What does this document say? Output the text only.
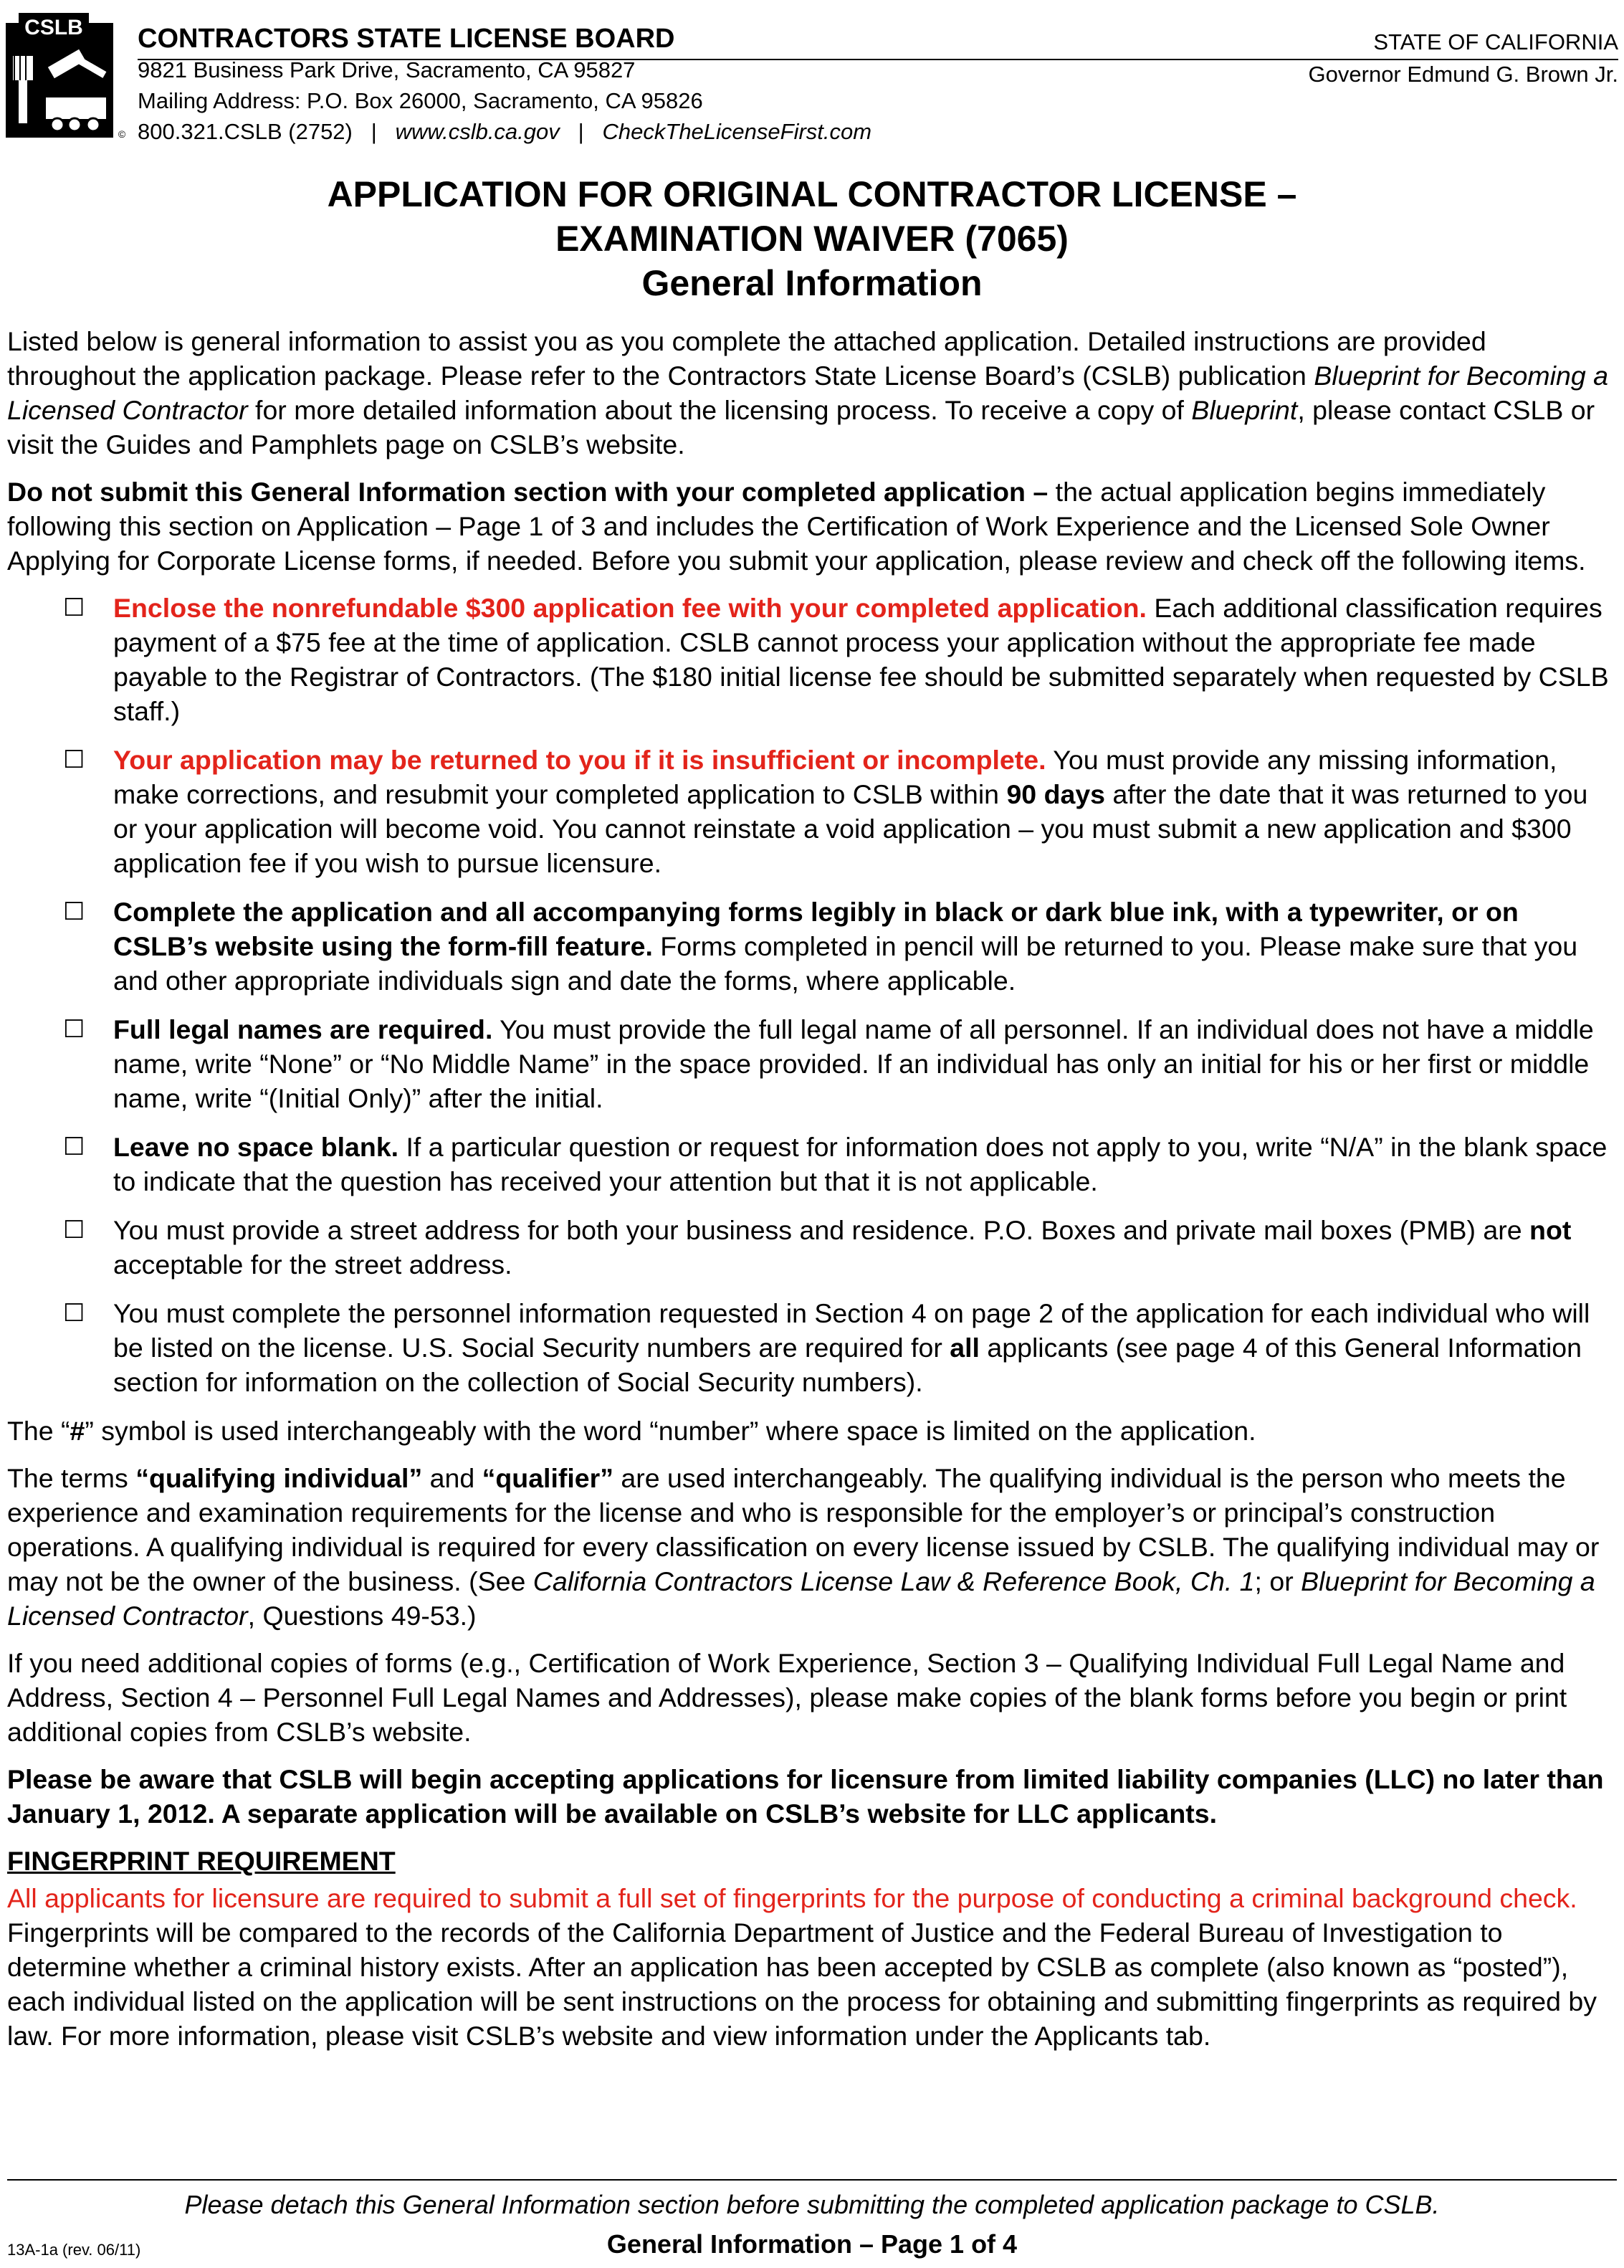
CSLB
©
CONTRACTORS STATE LICENSE BOARD
9821 Business Park Drive, Sacramento, CA 95827
Mailing Address: P.O. Box 26000, Sacramento, CA 95826
800.321.CSLB (2752) | www.cslb.ca.gov | CheckTheLicenseFirst.com
STATE OF CALIFORNIA
Governor Edmund G. Brown Jr.
APPLICATION FOR ORIGINAL CONTRACTOR LICENSE –
EXAMINATION WAIVER (7065)
General Information

Listed below is general information to assist you as you complete the attached application. Detailed instructions are provided throughout the application package. Please refer to the Contractors State License Board’s (CSLB) publication Blueprint for Becoming a Licensed Contractor for more detailed information about the licensing process. To receive a copy of Blueprint, please contact CSLB or visit the Guides and Pamphlets page on CSLB’s website.

Do not submit this General Information section with your completed application – the actual application begins immediately following this section on Application – Page 1 of 3 and includes the Certification of Work Experience and the Licensed Sole Owner Applying for Corporate License forms, if needed. Before you submit your application, please review and check off the following items.

☐ Enclose the nonrefundable $300 application fee with your completed application. Each additional classification requires payment of a $75 fee at the time of application. CSLB cannot process your application without the appropriate fee made payable to the Registrar of Contractors. (The $180 initial license fee should be submitted separately when requested by CSLB staff.)
☐ Your application may be returned to you if it is insufficient or incomplete. You must provide any missing information, make corrections, and resubmit your completed application to CSLB within 90 days after the date that it was returned to you or your application will become void. You cannot reinstate a void application – you must submit a new application and $300 application fee if you wish to pursue licensure.
☐ Complete the application and all accompanying forms legibly in black or dark blue ink, with a typewriter, or on CSLB’s website using the form-fill feature. Forms completed in pencil will be returned to you. Please make sure that you and other appropriate individuals sign and date the forms, where applicable.
☐ Full legal names are required. You must provide the full legal name of all personnel. If an individual does not have a middle name, write “None” or “No Middle Name” in the space provided. If an individual has only an initial for his or her first or middle name, write “(Initial Only)” after the initial.
☐ Leave no space blank. If a particular question or request for information does not apply to you, write “N/A” in the blank space to indicate that the question has received your attention but that it is not applicable.
☐ You must provide a street address for both your business and residence. P.O. Boxes and private mail boxes (PMB) are not acceptable for the street address.
☐ You must complete the personnel information requested in Section 4 on page 2 of the application for each individual who will be listed on the license. U.S. Social Security numbers are required for all applicants (see page 4 of this General Information section for information on the collection of Social Security numbers).

The “#” symbol is used interchangeably with the word “number” where space is limited on the application.

The terms “qualifying individual” and “qualifier” are used interchangeably. The qualifying individual is the person who meets the experience and examination requirements for the license and who is responsible for the employer’s or principal’s construction operations. A qualifying individual is required for every classification on every license issued by CSLB. The qualifying individual may or may not be the owner of the business. (See California Contractors License Law & Reference Book, Ch. 1; or Blueprint for Becoming a Licensed Contractor, Questions 49-53.)

If you need additional copies of forms (e.g., Certification of Work Experience, Section 3 – Qualifying Individual Full Legal Name and Address, Section 4 – Personnel Full Legal Names and Addresses), please make copies of the blank forms before you begin or print additional copies from CSLB’s website.

Please be aware that CSLB will begin accepting applications for licensure from limited liability companies (LLC) no later than January 1, 2012. A separate application will be available on CSLB’s website for LLC applicants.

FINGERPRINT REQUIREMENT

All applicants for licensure are required to submit a full set of fingerprints for the purpose of conducting a criminal background check. Fingerprints will be compared to the records of the California Department of Justice and the Federal Bureau of Investigation to determine whether a criminal history exists. After an application has been accepted by CSLB as complete (also known as “posted”), each individual listed on the application will be sent instructions on the process for obtaining and submitting fingerprints as required by law. For more information, please visit CSLB’s website and view information under the Applicants tab.

Please detach this General Information section before submitting the completed application package to CSLB.
13A-1a (rev. 06/11)	General Information – Page 1 of 4
